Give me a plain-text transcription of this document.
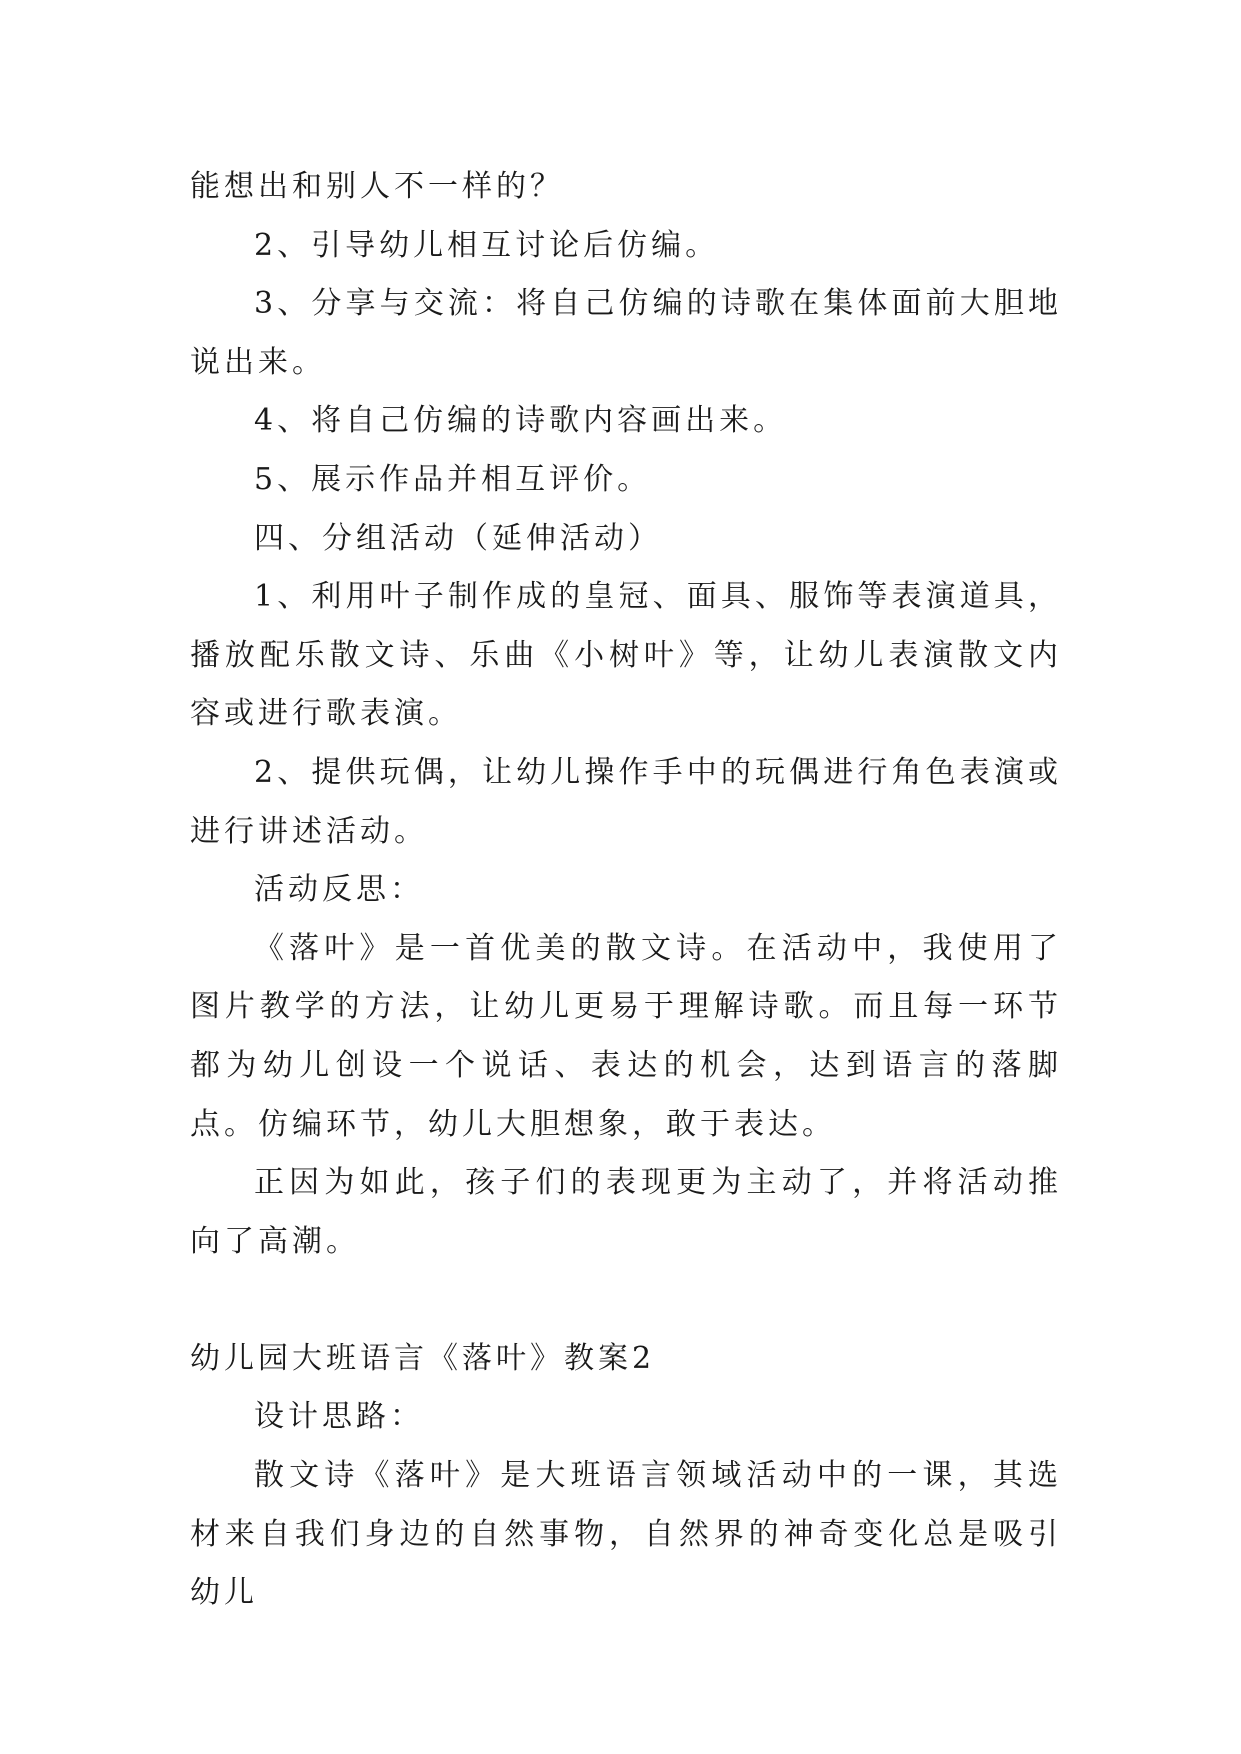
能想出和别人不一样的？

2、引导幼儿相互讨论后仿编。

3、分享与交流：将自己仿编的诗歌在集体面前大胆地说出来。

4、将自己仿编的诗歌内容画出来。

5、展示作品并相互评价。

四、分组活动（延伸活动）

1、利用叶子制作成的皇冠、面具、服饰等表演道具，播放配乐散文诗、乐曲《小树叶》等，让幼儿表演散文内容或进行歌表演。

2、提供玩偶，让幼儿操作手中的玩偶进行角色表演或进行讲述活动。

活动反思：

《落叶》是一首优美的散文诗。在活动中，我使用了图片教学的方法，让幼儿更易于理解诗歌。而且每一环节都为幼儿创设一个说话、表达的机会，达到语言的落脚点。仿编环节，幼儿大胆想象，敢于表达。

正因为如此，孩子们的表现更为主动了，并将活动推向了高潮。

幼儿园大班语言《落叶》教案2

设计思路：

散文诗《落叶》是大班语言领域活动中的一课，其选材来自我们身边的自然事物，自然界的神奇变化总是吸引幼儿
